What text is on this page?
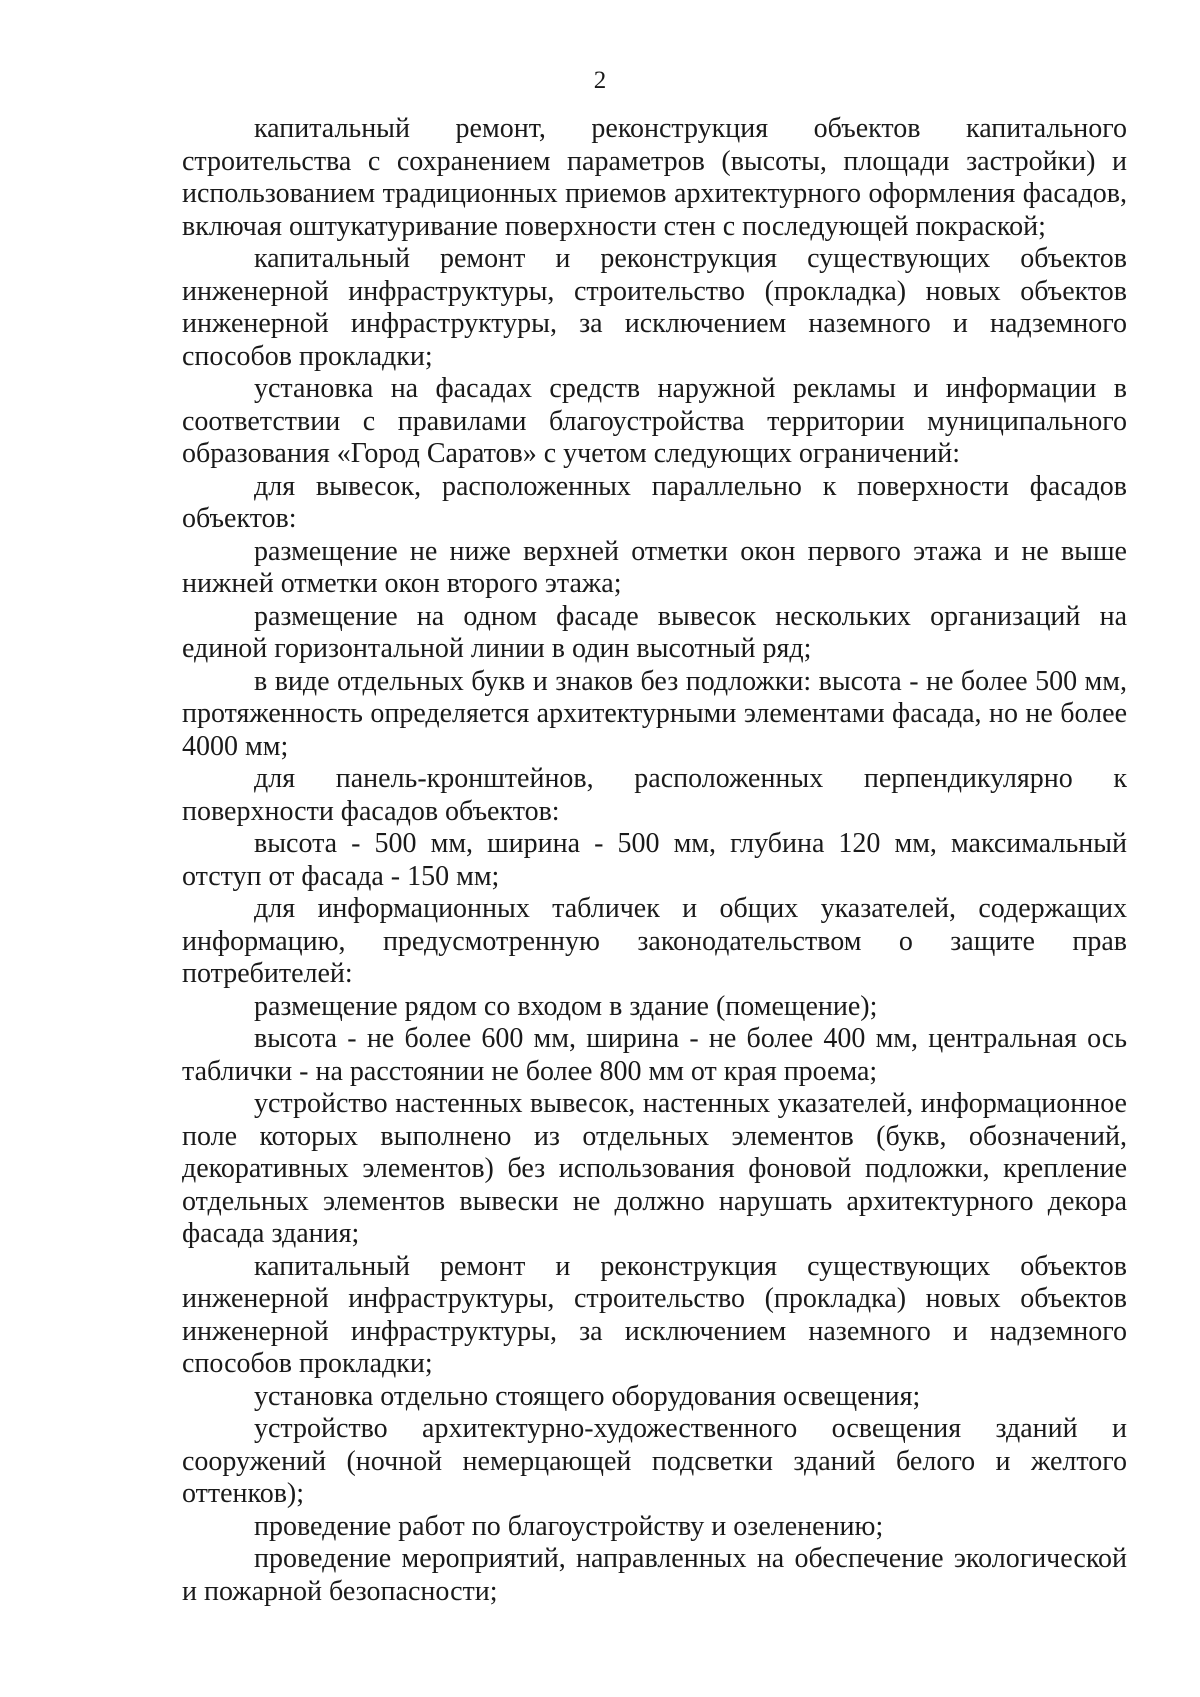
2

капитальный ремонт, реконструкция объектов капитального строительства с сохранением параметров (высоты, площади застройки) и использованием традиционных приемов архитектурного оформления фасадов, включая оштукатуривание поверхности стен с последующей покраской;

капитальный ремонт и реконструкция существующих объектов инженерной инфраструктуры, строительство (прокладка) новых объектов инженерной инфраструктуры, за исключением наземного и надземного способов прокладки;

установка на фасадах средств наружной рекламы и информации в соответствии с правилами благоустройства территории муниципального образования «Город Саратов» с учетом следующих ограничений:

для вывесок, расположенных параллельно к поверхности фасадов объектов:

размещение не ниже верхней отметки окон первого этажа и не выше нижней отметки окон второго этажа;

размещение на одном фасаде вывесок нескольких организаций на единой горизонтальной линии в один высотный ряд;

в виде отдельных букв и знаков без подложки: высота - не более 500 мм, протяженность определяется архитектурными элементами фасада, но не более 4000 мм;

для панель-кронштейнов, расположенных перпендикулярно к поверхности фасадов объектов:

высота - 500 мм, ширина - 500 мм, глубина 120 мм, максимальный отступ от фасада - 150 мм;

для информационных табличек и общих указателей, содержащих информацию, предусмотренную законодательством о защите прав потребителей:

размещение рядом со входом в здание (помещение);

высота - не более 600 мм, ширина - не более 400 мм, центральная ось таблички - на расстоянии не более 800 мм от края проема;

устройство настенных вывесок, настенных указателей, информационное поле которых выполнено из отдельных элементов (букв, обозначений, декоративных элементов) без использования фоновой подложки, крепление отдельных элементов вывески не должно нарушать архитектурного декора фасада здания;

капитальный ремонт и реконструкция существующих объектов инженерной инфраструктуры, строительство (прокладка) новых объектов инженерной инфраструктуры, за исключением наземного и надземного способов прокладки;

установка отдельно стоящего оборудования освещения;

устройство архитектурно-художественного освещения зданий и сооружений (ночной немерцающей подсветки зданий белого и желтого оттенков);

проведение работ по благоустройству и озеленению;

проведение мероприятий, направленных на обеспечение экологической и пожарной безопасности;
